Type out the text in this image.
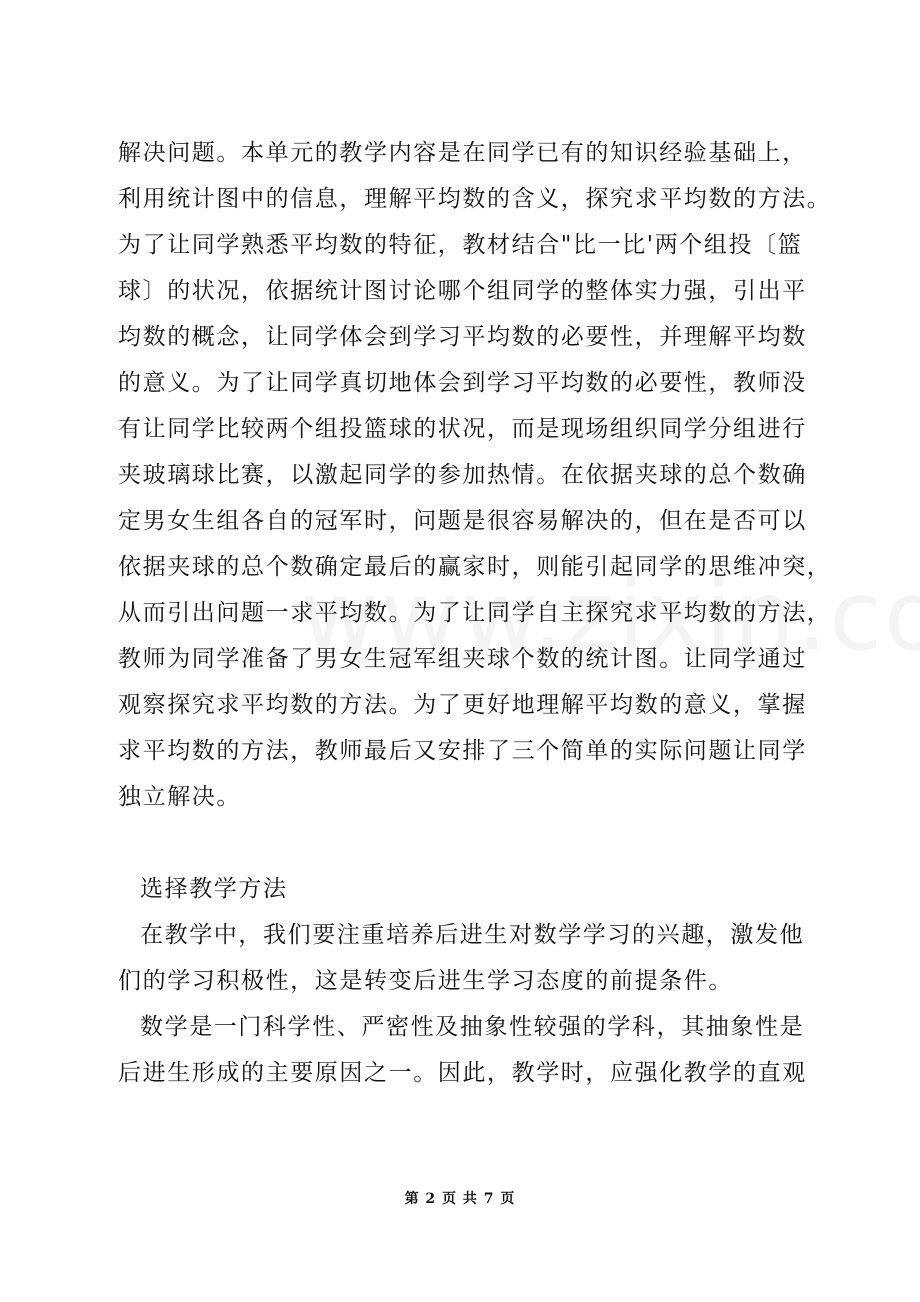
解决问题。本单元的教学内容是在同学已有的知识经验基础上，
利用统计图中的信息，理解平均数的含义，探究求平均数的方法。
为了让同学熟悉平均数的特征，教材结合"比一比'两个组投〔篮
球〕的状况，依据统计图讨论哪个组同学的整体实力强，引出平
均数的概念，让同学体会到学习平均数的必要性，并理解平均数
的意义。为了让同学真切地体会到学习平均数的必要性，教师没
有让同学比较两个组投篮球的状况，而是现场组织同学分组进行
夹玻璃球比赛，以激起同学的参加热情。在依据夹球的总个数确
定男女生组各自的冠军时，问题是很容易解决的，但在是否可以
依据夹球的总个数确定最后的赢家时，则能引起同学的思维冲突，
从而引出问题一求平均数。为了让同学自主探究求平均数的方法，
教师为同学准备了男女生冠军组夹球个数的统计图。让同学通过
观察探究求平均数的方法。为了更好地理解平均数的意义，掌握
求平均数的方法，教师最后又安排了三个简单的实际问题让同学
独立解决。
选择教学方法
在教学中，我们要注重培养后进生对数学学习的兴趣，激发他
们的学习积极性，这是转变后进生学习态度的前提条件。
数学是一门科学性、严密性及抽象性较强的学科，其抽象性是
后进生形成的主要原因之一。因此，教学时，应强化教学的直观
第 2 页 共 7 页
